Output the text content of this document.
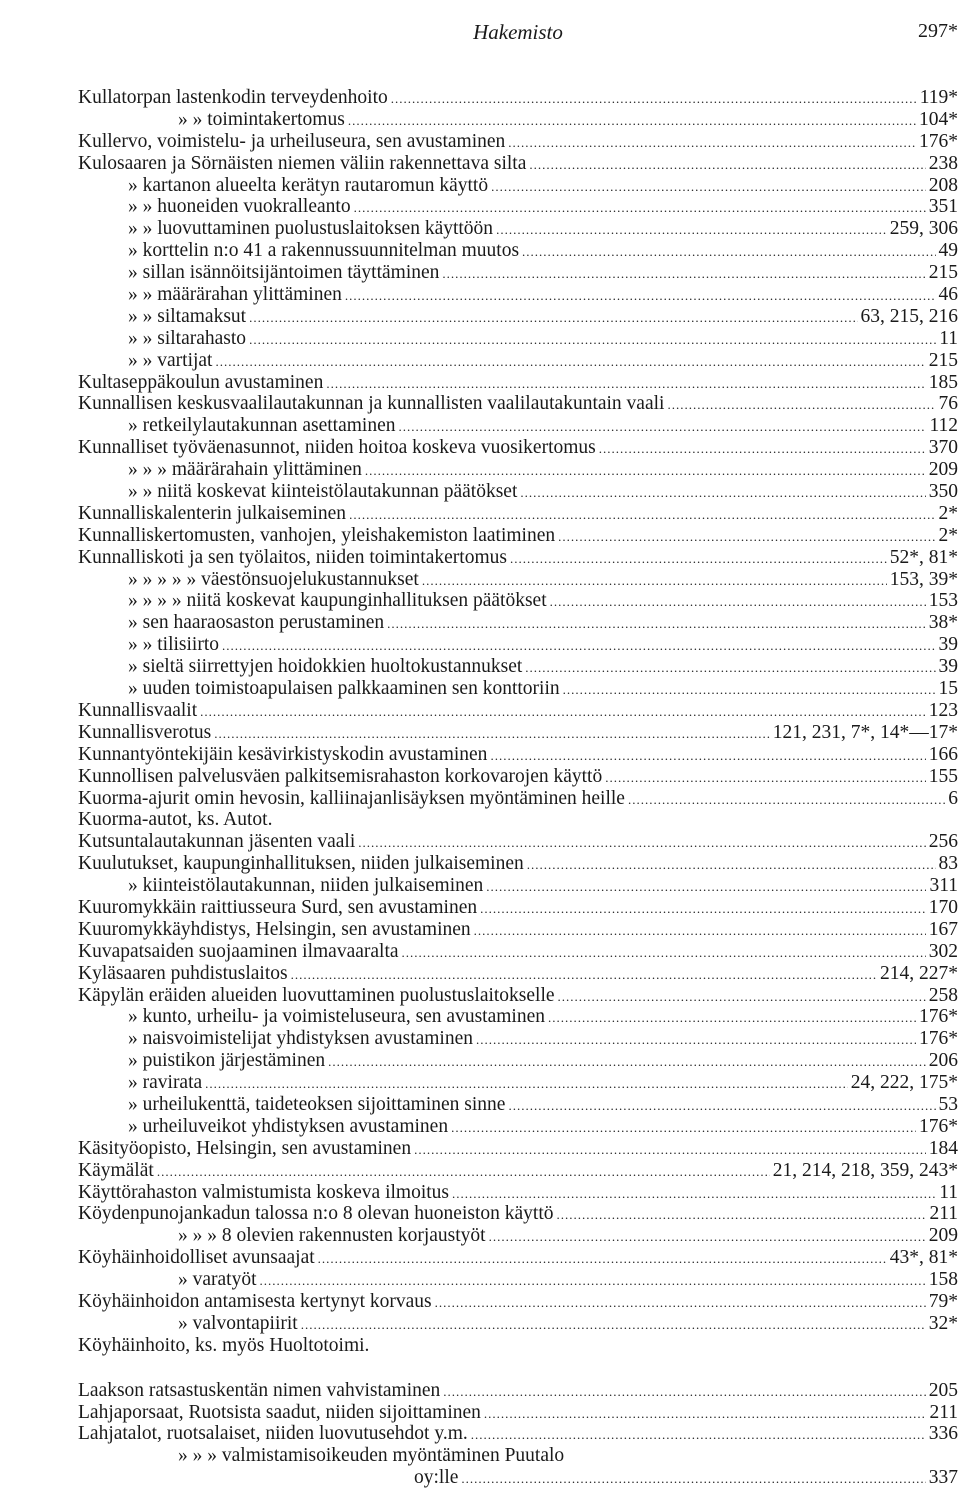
Hakemisto	297*
Kullatorpan lastenkodin terveydenhoito .....	119*
» » toimintakertomus .....	104*
Kullervo, voimistelu- ja urheiluseura, sen avustaminen .....	176*
Kulosaaren ja Sörnäisten niemen väliin rakennettava silta .....	238
» kartanon alueelta kerätyn rautaromun käyttö .....	208
» » huoneiden vuokralleanto .....	351
» » luovuttaminen puolustuslaitoksen käyttöön .....	259, 306
» korttelin n:o 41 a rakennussuunnitelman muutos .....	49
» sillan isännöitsijäntoimen täyttäminen .....	215
» » määrärahan ylittäminen .....	46
» » siltamaksut .....	63, 215, 216
» » siltarahasto .....	11
» » vartijat .....	215
Kultaseppäkoulun avustaminen .....	185
Kunnallisen keskusvaalilautakunnan ja kunnallisten vaalilautakuntain vaali .....	76
» retkeilylautakunnan asettaminen .....	112
Kunnalliset työväenasunnot, niiden hoitoa koskeva vuosikertomus .....	370
» » » määrärahain ylittäminen .....	209
» » niitä koskevat kiinteistölautakunnan päätökset .....	350
Kunnalliskalenterin julkaiseminen .....	2*
Kunnalliskertomusten, vanhojen, yleishakemiston laatiminen .....	2*
Kunnalliskoti ja sen työlaitos, niiden toimintakertomus .....	52*, 81*
» » » » » väestönsuojelukustannukset .....	153, 39*
» » » » niitä koskevat kaupunginhallituksen päätökset .....	153
» sen haaraosaston perustaminen .....	38*
» » tilisiirto .....	39
» sieltä siirrettyjen hoidokkien huoltokustannukset .....	39
» uuden toimistoapulaisen palkkaaminen sen konttoriin .....	15
Kunnallisvaalit .....	123
Kunnallisverotus .....	121, 231, 7*, 14*—17*
Kunnantyöntekijäin kesävirkistyskodin avustaminen .....	166
Kunnollisen palvelusväen palkitsemisrahaston korkovarojen käyttö .....	155
Kuorma-ajurit omin hevosin, kalliinajanlisäyksen myöntäminen heille .....	6
Kuorma-autot, ks. Autot.
Kutsuntalautakunnan jäsenten vaali .....	256
Kuulutukset, kaupunginhallituksen, niiden julkaiseminen .....	83
» kiinteistölautakunnan, niiden julkaiseminen .....	311
Kuuromykkäin raittiusseura Surd, sen avustaminen .....	170
Kuuromykkäyhdistys, Helsingin, sen avustaminen .....	167
Kuvapatsaiden suojaaminen ilmavaaralta .....	302
Kyläsaaren puhdistuslaitos .....	214, 227*
Käpylän eräiden alueiden luovuttaminen puolustuslaitokselle .....	258
» kunto, urheilu- ja voimisteluseura, sen avustaminen .....	176*
» naisvoimistelijat yhdistyksen avustaminen .....	176*
» puistikon järjestäminen .....	206
» ravirata .....	24, 222, 175*
» urheilukenttä, taideteoksen sijoittaminen sinne .....	53
» urheiluveikot yhdistyksen avustaminen .....	176*
Käsityöopisto, Helsingin, sen avustaminen .....	184
Käymälät .....	21, 214, 218, 359, 243*
Käyttörahaston valmistumista koskeva ilmoitus .....	11
Köydenpunojankadun talossa n:o 8 olevan huoneiston käyttö .....	211
» » » 8 olevien rakennusten korjaustyöt .....	209
Köyhäinhoidolliset avunsaajat .....	43*, 81*
» varatyöt .....	158
Köyhäinhoidon antamisesta kertynyt korvaus .....	79*
» valvontapiirit .....	32*
Köyhäinhoito, ks. myös Huoltotoimi.
Laakson ratsastuskentän nimen vahvistaminen .....	205
Lahjaporsaat, Ruotsista saadut, niiden sijoittaminen .....	211
Lahjatalot, ruotsalaiset, niiden luovutusehdot y.m. .....	336
» » » valmistamisoikeuden myöntäminen Puutalo
oy:lle .....	337
